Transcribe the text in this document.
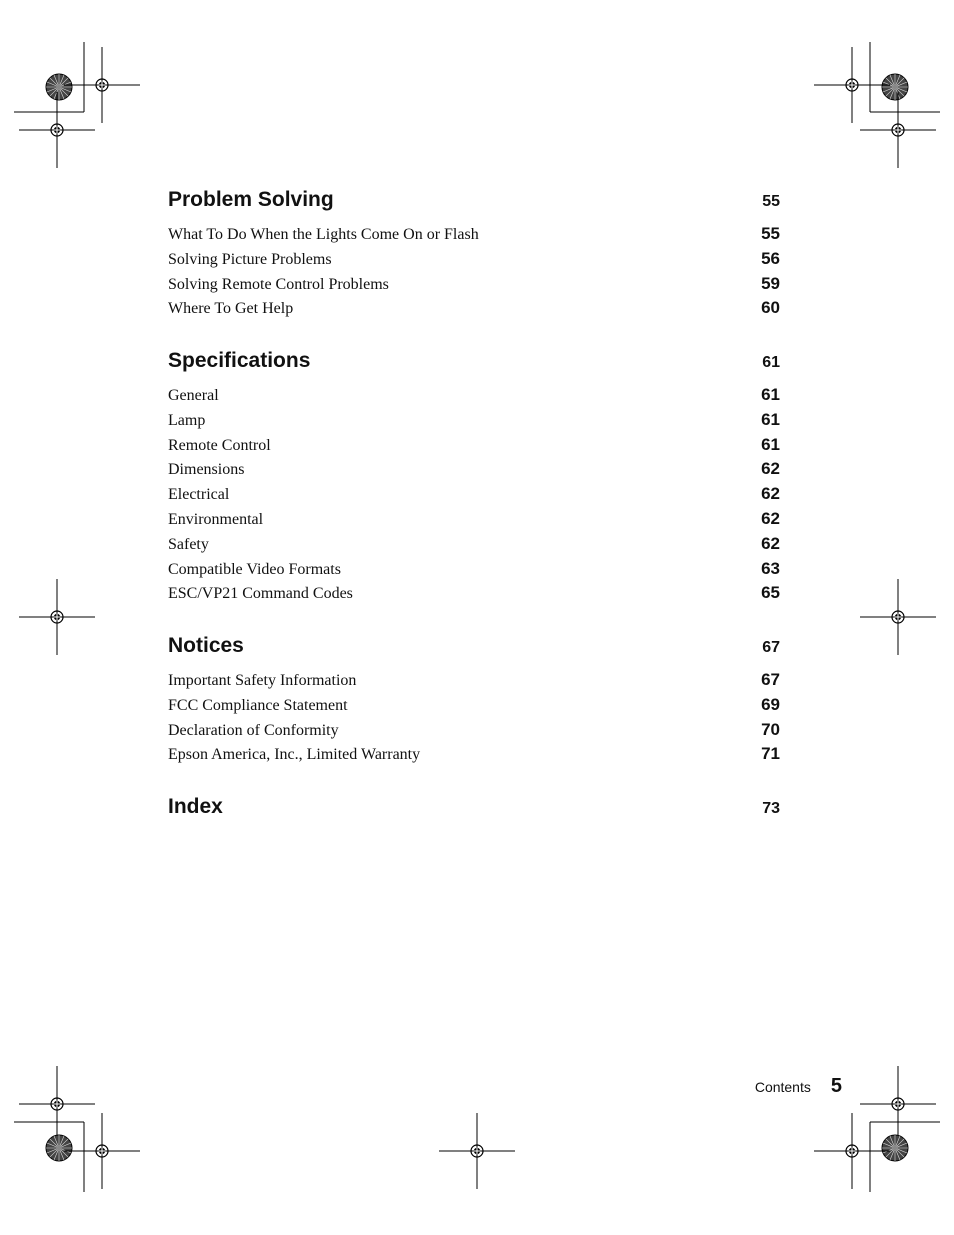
Problem Solving	55
What To Do When the Lights Come On or Flash	55
Solving Picture Problems	56
Solving Remote Control Problems	59
Where To Get Help	60
Specifications	61
General	61
Lamp	61
Remote Control	61
Dimensions	62
Electrical	62
Environmental	62
Safety	62
Compatible Video Formats	63
ESC/VP21 Command Codes	65
Notices	67
Important Safety Information	67
FCC Compliance Statement	69
Declaration of Conformity	70
Epson America, Inc., Limited Warranty	71
Index	73
Contents 5
